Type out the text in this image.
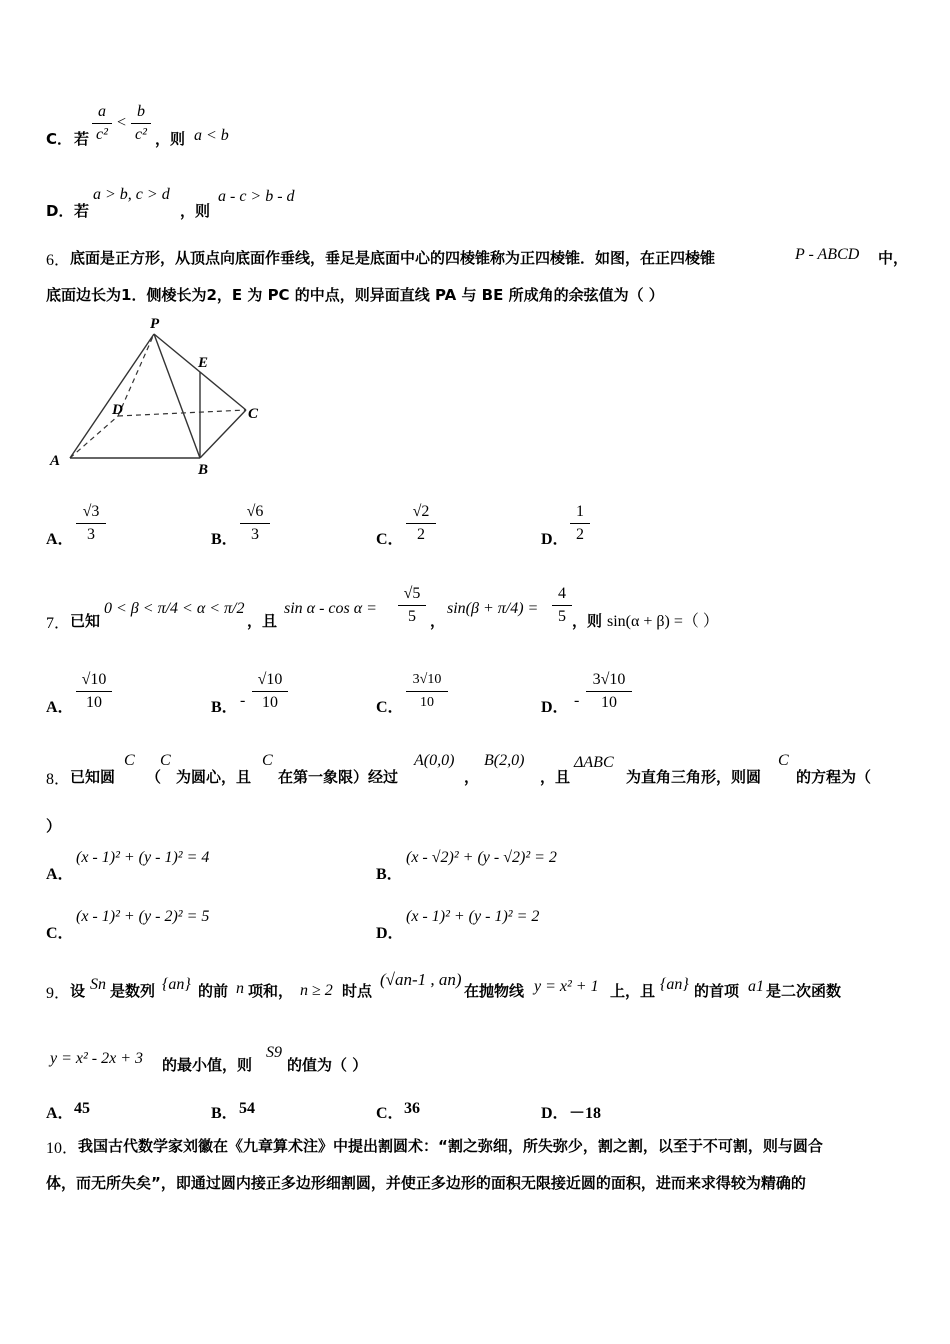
C． 若
a
c²
<
b
c² ，则 a < b
D． 若
a > b, c > d
，则
a - c > b - d
6． 底面是正方形，从顶点向底面作垂线，垂足是底面中心的四棱锥称为正四棱锥．如图，在正四棱锥	P - ABCD 中，
底面边长为1．侧棱长为2，E 为 PC 的中点，则异面直线 PA 与 BE 所成角的余弦值为（ ）
P
E
D	C
A
B
A．
√3
3	B．
√6
3	C．
√2
2	D．
1
2
7． 已知
0 < β < π/4 < α < π/2
，且
sin α - cos α =
√5
5 ，
sin(β + π/4) =
4
5 ，则 sin(α + β) =（ ）
A．
√10
10	B． -
√10
10	C．
3√10
10	D． -
3√10
10
8． 已知圆
C
（
C
为圆心，且
C
在第一象限）经过
A(0,0)
，
B(2,0)
，且
ΔABC
为直角三角形，则圆
C
的方程为（
）
A．
(x - 1)² + (y - 1)² = 4
B．
(x - √2)² + (y - √2)² = 2
C．
(x - 1)² + (y - 2)² = 5
D．
(x - 1)² + (y - 1)² = 2
9． 设 Sn 是数列 {an} 的前 n 项和， n ≥ 2 时点
(√an-1 , an)
在抛物线 y = x² + 1 上，且 {an} 的首项 a1 是二次函数
y = x² - 2x + 3 的最小值，则
S9
的值为（ ）
A． 45	B． 54	C． 36	D． －18
10． 我国古代数学家刘徽在《九章算术注》中提出割圆术：“割之弥细，所失弥少，割之割，以至于不可割，则与圆合
体，而无所失矣”，即通过圆内接正多边形细割圆，并使正多边形的面积无限接近圆的面积，进而来求得较为精确的
